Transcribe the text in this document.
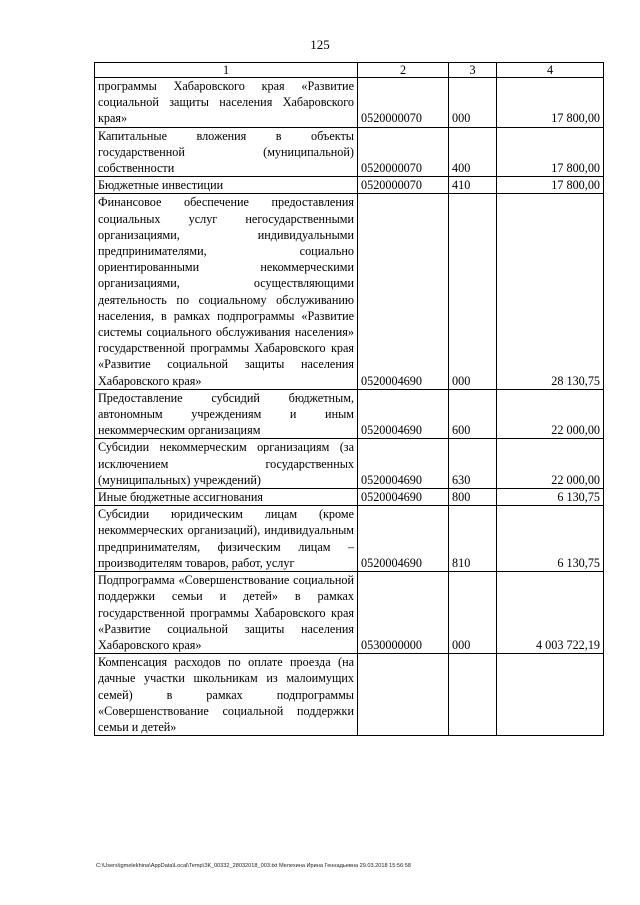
125
1	2	3	4
программы Хабаровского края «Развитие социальной защиты населения Хабаровского края»	0520000070	000	17 800,00
Капитальные вложения в объекты государственной (муниципальной) собственности	0520000070	400	17 800,00
Бюджетные инвестиции	0520000070	410	17 800,00
Финансовое обеспечение предоставления социальных услуг негосударственными организациями, индивидуальными предпринимателями, социально ориентированными некоммерческими организациями, осуществляющими деятельность по социальному обслуживанию населения, в рамках подпрограммы «Развитие системы социального обслуживания населения» государственной программы Хабаровского края «Развитие социальной защиты населения Хабаровского края»	0520004690	000	28 130,75
Предоставление субсидий бюджетным, автономным учреждениям и иным некоммерческим организациям	0520004690	600	22 000,00
Субсидии некоммерческим организациям (за исключением государственных (муниципальных) учреждений)	0520004690	630	22 000,00
Иные бюджетные ассигнования	0520004690	800	6 130,75
Субсидии юридическим лицам (кроме некоммерческих организаций), индивидуальным предпринимателям, физическим лицам – производителям товаров, работ, услуг	0520004690	810	6 130,75
Подпрограмма «Совершенствование социальной поддержки семьи и детей» в рамках государственной программы Хабаровского края «Развитие социальной защиты населения Хабаровского края»	0530000000	000	4 003 722,19
Компенсация расходов по оплате проезда (на дачные участки школьникам из малоимущих семей) в рамках подпрограммы «Совершенствование социальной поддержки семьи и детей»			
C:\Users\igmelekhina\AppData\Local\Temp\ЗК_00332_28032018_003.txt Мелехина Ирина Геннадьевна 29.03.2018 15:56:58
